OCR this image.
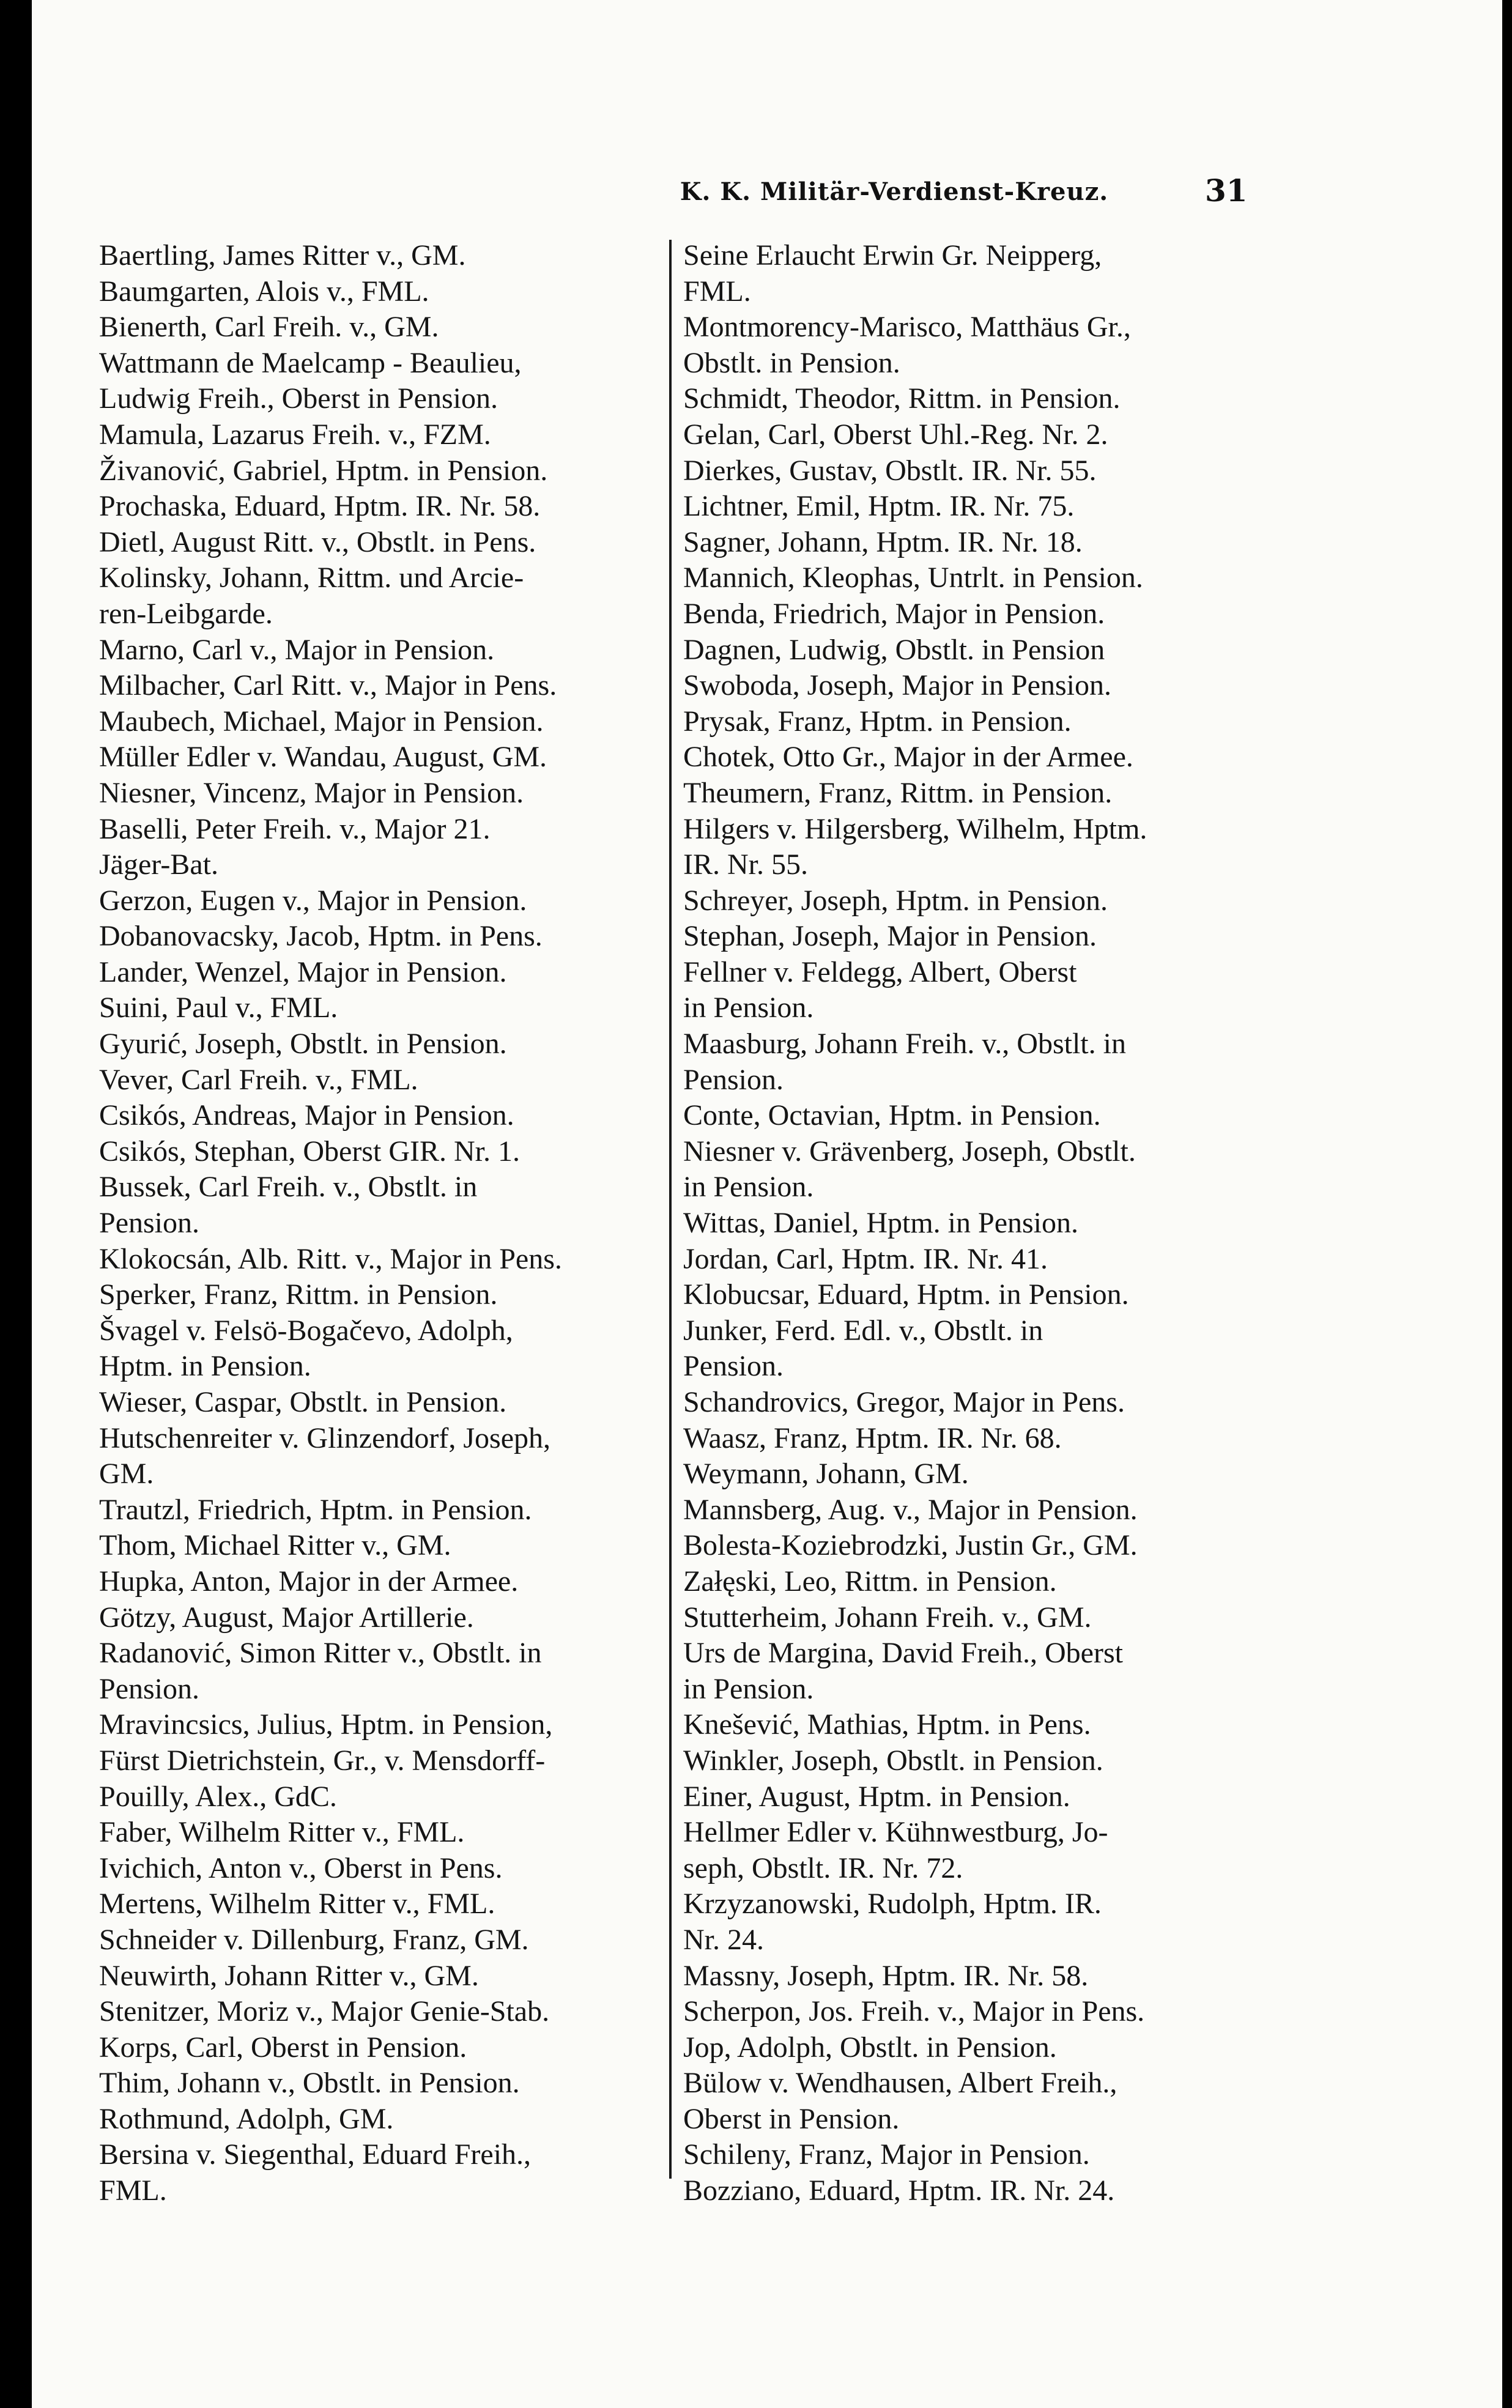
K. K. Militär-Verdienst-Kreuz.	31
Baertling, James Ritter v., GM.
Baumgarten, Alois v., FML.
Bienerth, Carl Freih. v., GM.
Wattmann de Maelcamp - Beaulieu,
Ludwig Freih., Oberst in Pension.
Mamula, Lazarus Freih. v., FZM.
Živanović, Gabriel, Hptm. in Pension.
Prochaska, Eduard, Hptm. IR. Nr. 58.
Dietl, August Ritt. v., Obstlt. in Pens.
Kolinsky, Johann, Rittm. und Arcie-
ren-Leibgarde.
Marno, Carl v., Major in Pension.
Milbacher, Carl Ritt. v., Major in Pens.
Maubech, Michael, Major in Pension.
Müller Edler v. Wandau, August, GM.
Niesner, Vincenz, Major in Pension.
Baselli, Peter Freih. v., Major 21.
Jäger-Bat.
Gerzon, Eugen v., Major in Pension.
Dobanovacsky, Jacob, Hptm. in Pens.
Lander, Wenzel, Major in Pension.
Suini, Paul v., FML.
Gyurić, Joseph, Obstlt. in Pension.
Vever, Carl Freih. v., FML.
Csikós, Andreas, Major in Pension.
Csikós, Stephan, Oberst GIR. Nr. 1.
Bussek, Carl Freih. v., Obstlt. in
Pension.
Klokocsán, Alb. Ritt. v., Major in Pens.
Sperker, Franz, Rittm. in Pension.
Švagel v. Felsö-Bogačevo, Adolph,
Hptm. in Pension.
Wieser, Caspar, Obstlt. in Pension.
Hutschenreiter v. Glinzendorf, Joseph,
GM.
Trautzl, Friedrich, Hptm. in Pension.
Thom, Michael Ritter v., GM.
Hupka, Anton, Major in der Armee.
Götzy, August, Major Artillerie.
Radanović, Simon Ritter v., Obstlt. in
Pension.
Mravincsics, Julius, Hptm. in Pension,
Fürst Dietrichstein, Gr., v. Mensdorff-
Pouilly, Alex., GdC.
Faber, Wilhelm Ritter v., FML.
Ivichich, Anton v., Oberst in Pens.
Mertens, Wilhelm Ritter v., FML.
Schneider v. Dillenburg, Franz, GM.
Neuwirth, Johann Ritter v., GM.
Stenitzer, Moriz v., Major Genie-Stab.
Korps, Carl, Oberst in Pension.
Thim, Johann v., Obstlt. in Pension.
Rothmund, Adolph, GM.
Bersina v. Siegenthal, Eduard Freih.,
FML.
Seine Erlaucht Erwin Gr. Neipperg,
FML.
Montmorency-Marisco, Matthäus Gr.,
Obstlt. in Pension.
Schmidt, Theodor, Rittm. in Pension.
Gelan, Carl, Oberst Uhl.-Reg. Nr. 2.
Dierkes, Gustav, Obstlt. IR. Nr. 55.
Lichtner, Emil, Hptm. IR. Nr. 75.
Sagner, Johann, Hptm. IR. Nr. 18.
Mannich, Kleophas, Untrlt. in Pension.
Benda, Friedrich, Major in Pension.
Dagnen, Ludwig, Obstlt. in Pension
Swoboda, Joseph, Major in Pension.
Prysak, Franz, Hptm. in Pension.
Chotek, Otto Gr., Major in der Armee.
Theumern, Franz, Rittm. in Pension.
Hilgers v. Hilgersberg, Wilhelm, Hptm.
IR. Nr. 55.
Schreyer, Joseph, Hptm. in Pension.
Stephan, Joseph, Major in Pension.
Fellner v. Feldegg, Albert, Oberst
in Pension.
Maasburg, Johann Freih. v., Obstlt. in
Pension.
Conte, Octavian, Hptm. in Pension.
Niesner v. Grävenberg, Joseph, Obstlt.
in Pension.
Wittas, Daniel, Hptm. in Pension.
Jordan, Carl, Hptm. IR. Nr. 41.
Klobucsar, Eduard, Hptm. in Pension.
Junker, Ferd. Edl. v., Obstlt. in
Pension.
Schandrovics, Gregor, Major in Pens.
Waasz, Franz, Hptm. IR. Nr. 68.
Weymann, Johann, GM.
Mannsberg, Aug. v., Major in Pension.
Bolesta-Koziebrodzki, Justin Gr., GM.
Załęski, Leo, Rittm. in Pension.
Stutterheim, Johann Freih. v., GM.
Urs de Margina, David Freih., Oberst
in Pension.
Knešević, Mathias, Hptm. in Pens.
Winkler, Joseph, Obstlt. in Pension.
Einer, August, Hptm. in Pension.
Hellmer Edler v. Kühnwestburg, Jo-
seph, Obstlt. IR. Nr. 72.
Krzyzanowski, Rudolph, Hptm. IR.
Nr. 24.
Massny, Joseph, Hptm. IR. Nr. 58.
Scherpon, Jos. Freih. v., Major in Pens.
Jop, Adolph, Obstlt. in Pension.
Bülow v. Wendhausen, Albert Freih.,
Oberst in Pension.
Schileny, Franz, Major in Pension.
Bozziano, Eduard, Hptm. IR. Nr. 24.
